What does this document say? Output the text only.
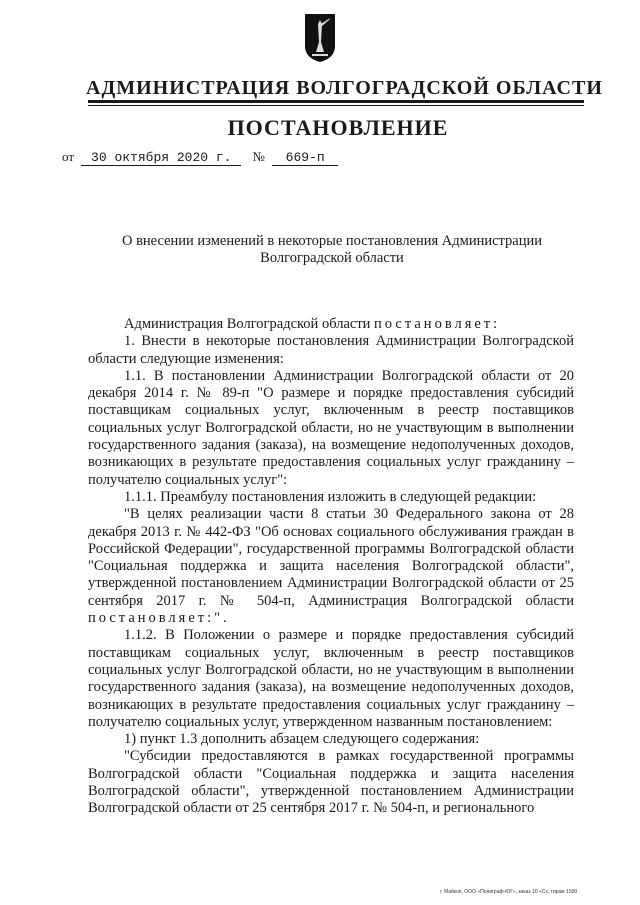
АДМИНИСТРАЦИЯ ВОЛГОГРАДСКОЙ ОБЛАСТИ
ПОСТАНОВЛЕНИЕ
от 30 октября 2020 г. № 669-п
О внесении изменений в некоторые постановления Администрации Волгоградской области

Администрация Волгоградской области постановляет:

1. Внести в некоторые постановления Администрации Волгоградской области следующие изменения:

1.1. В постановлении Администрации Волгоградской области от 20 декабря 2014 г. № 89-п "О размере и порядке предоставления субсидий поставщикам социальных услуг, включенным в реестр поставщиков социальных услуг Волгоградской области, но не участвующим в выполнении государственного задания (заказа), на возмещение недополученных доходов, возникающих в результате предоставления социальных услуг гражданину – получателю социальных услуг":

1.1.1. Преамбулу постановления изложить в следующей редакции:

"В целях реализации части 8 статьи 30 Федерального закона от 28 декабря 2013 г. № 442-ФЗ "Об основах социального обслуживания граждан в Российской Федерации", государственной программы Волгоградской области "Социальная поддержка и защита населения Волгоградской области", утвержденной постановлением Администрации Волгоградской области от 25 сентября 2017 г. № 504-п, Администрация Волгоградской области постановляет:".

1.1.2. В Положении о размере и порядке предоставления субсидий поставщикам социальных услуг, включенным в реестр поставщиков социальных услуг Волгоградской области, но не участвующим в выполнении государственного задания (заказа), на возмещение недополученных доходов, возникающих в результате предоставления социальных услуг гражданину – получателю социальных услуг, утвержденном названным постановлением:

1) пункт 1.3 дополнить абзацем следующего содержания:

"Субсидии предоставляются в рамках государственной программы Волгоградской области "Социальная поддержка и защита населения Волгоградской области", утвержденной постановлением Администрации Волгоградской области от 25 сентября 2017 г. № 504-п, и регионального

г. Майкоп, ООО «Полиграф-ЮГ», заказ 10 «Сх, тираж 1500
